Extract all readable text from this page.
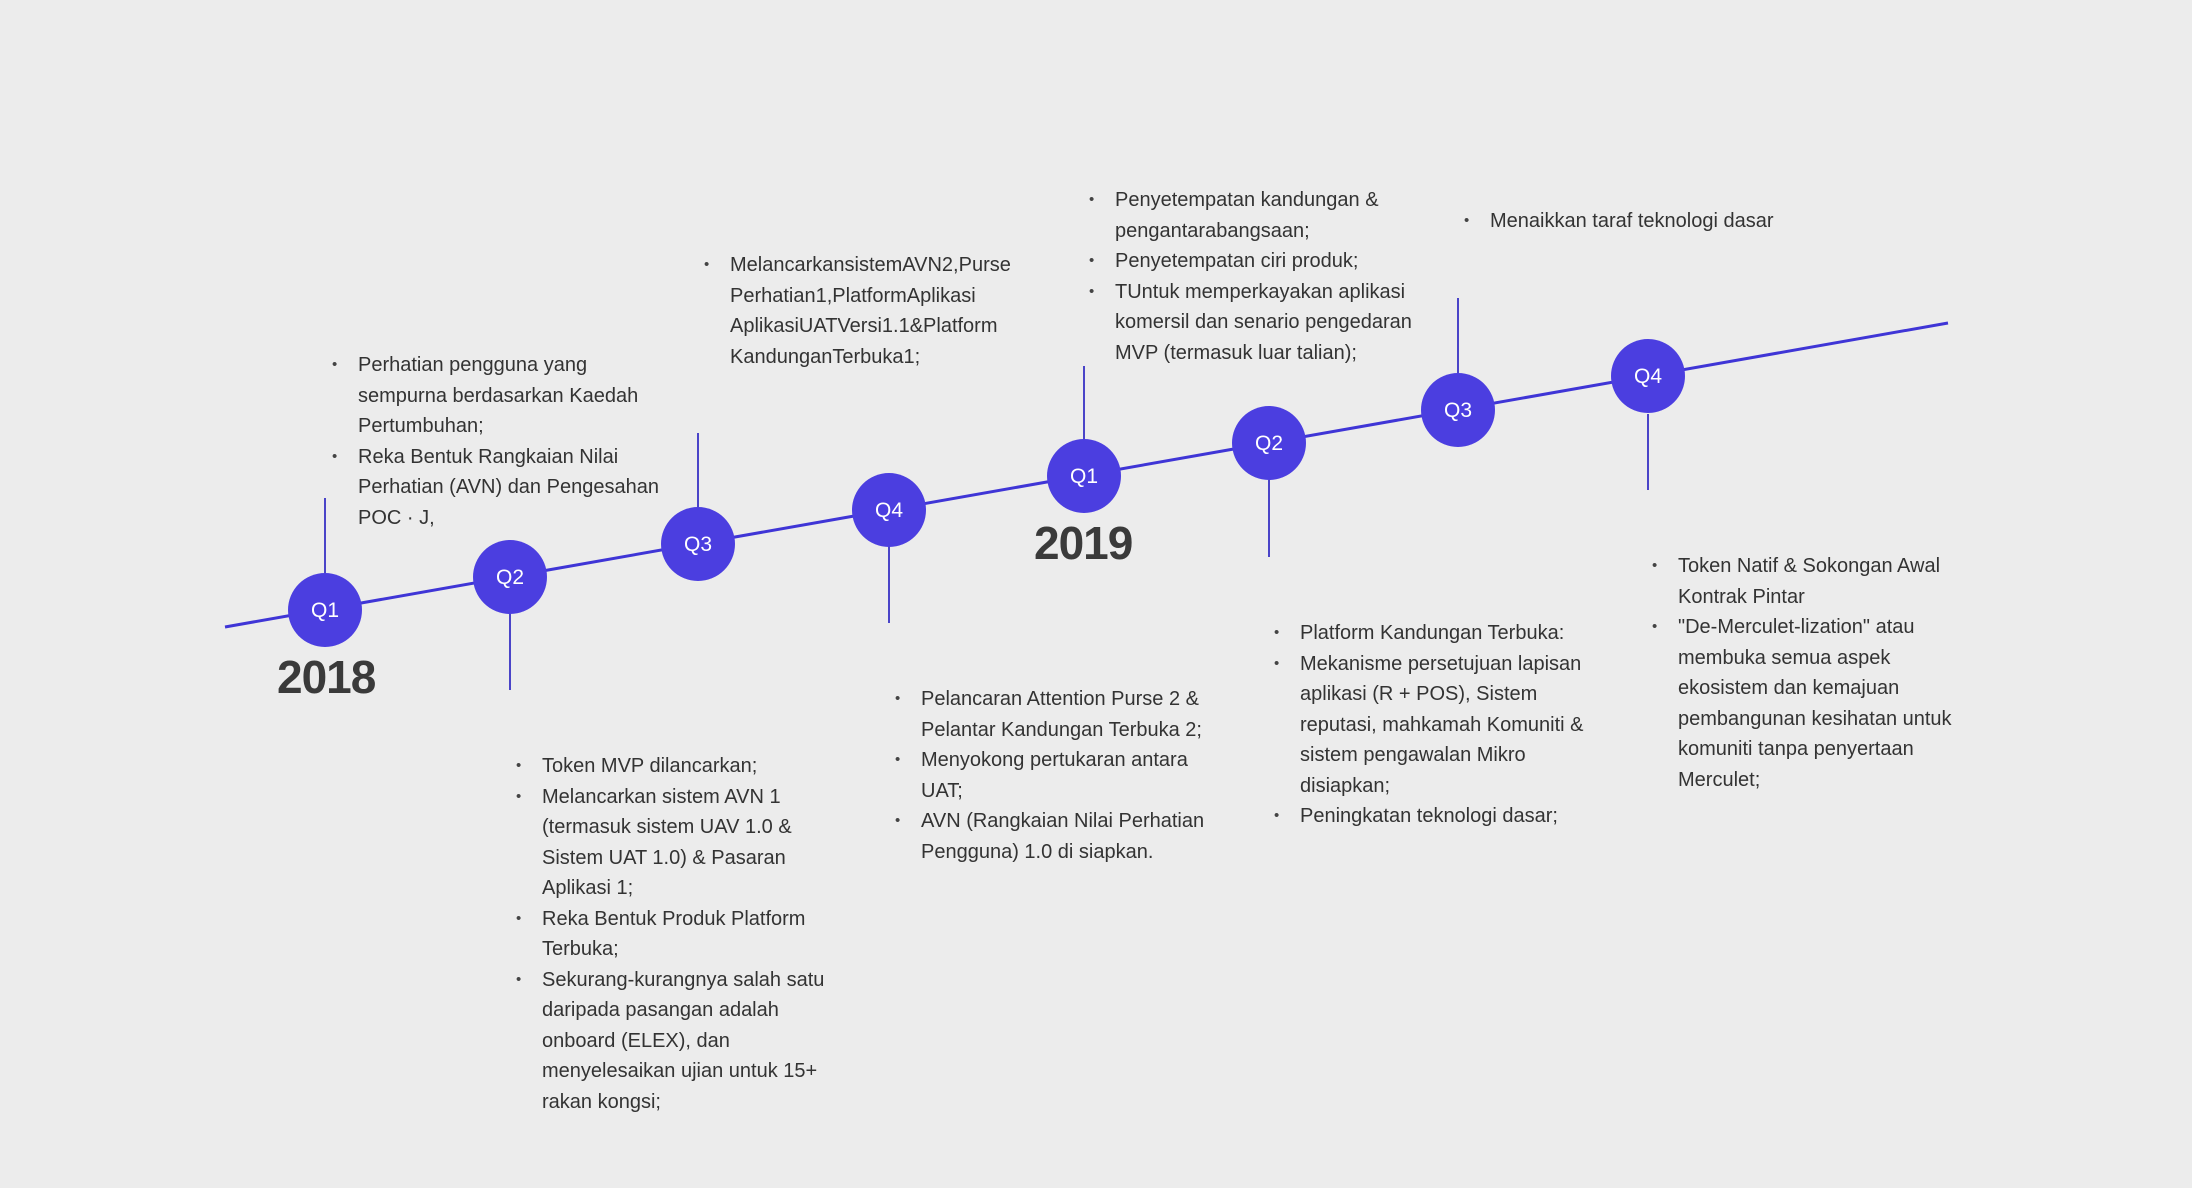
Q1
Q2
Q3
Q4
Q1
Q2
Q3
Q4
2018
2019
• Perhatian pengguna yang sempurna berdasarkan Kaedah Pertumbuhan;
• Reka Bentuk Rangkaian Nilai Perhatian (AVN) dan Pengesahan POC · J,
• Token MVP dilancarkan;
• Melancarkan sistem AVN 1 (termasuk sistem UAV 1.0 & Sistem UAT 1.0) & Pasaran Aplikasi 1;
• Reka Bentuk Produk Platform Terbuka;
• Sekurang-kurangnya salah satu daripada pasangan adalah onboard (ELEX), dan menyelesaikan ujian untuk 15+ rakan kongsi;
• MelancarkansistemAVN2,Purse Perhatian1,PlatformAplikasi AplikasiUATVersi1.1&Platform KandunganTerbuka1;
• Pelancaran Attention Purse 2 & Pelantar Kandungan Terbuka 2;
• Menyokong pertukaran antara UAT;
• AVN (Rangkaian Nilai Perhatian Pengguna) 1.0 di siapkan.
• Penyetempatan kandungan & pengantarabangsaan;
• Penyetempatan ciri produk;
• TUntuk memperkayakan aplikasi komersil dan senario pengedaran MVP (termasuk luar talian);
• Platform Kandungan Terbuka:
• Mekanisme persetujuan lapisan aplikasi (R + POS), Sistem reputasi, mahkamah Komuniti & sistem pengawalan Mikro disiapkan;
• Peningkatan teknologi dasar;
• Menaikkan taraf teknologi dasar
• Token Natif & Sokongan Awal Kontrak Pintar
• "De-Merculet-lization" atau membuka semua aspek ekosistem dan kemajuan pembangunan kesihatan untuk komuniti tanpa penyertaan Merculet;
